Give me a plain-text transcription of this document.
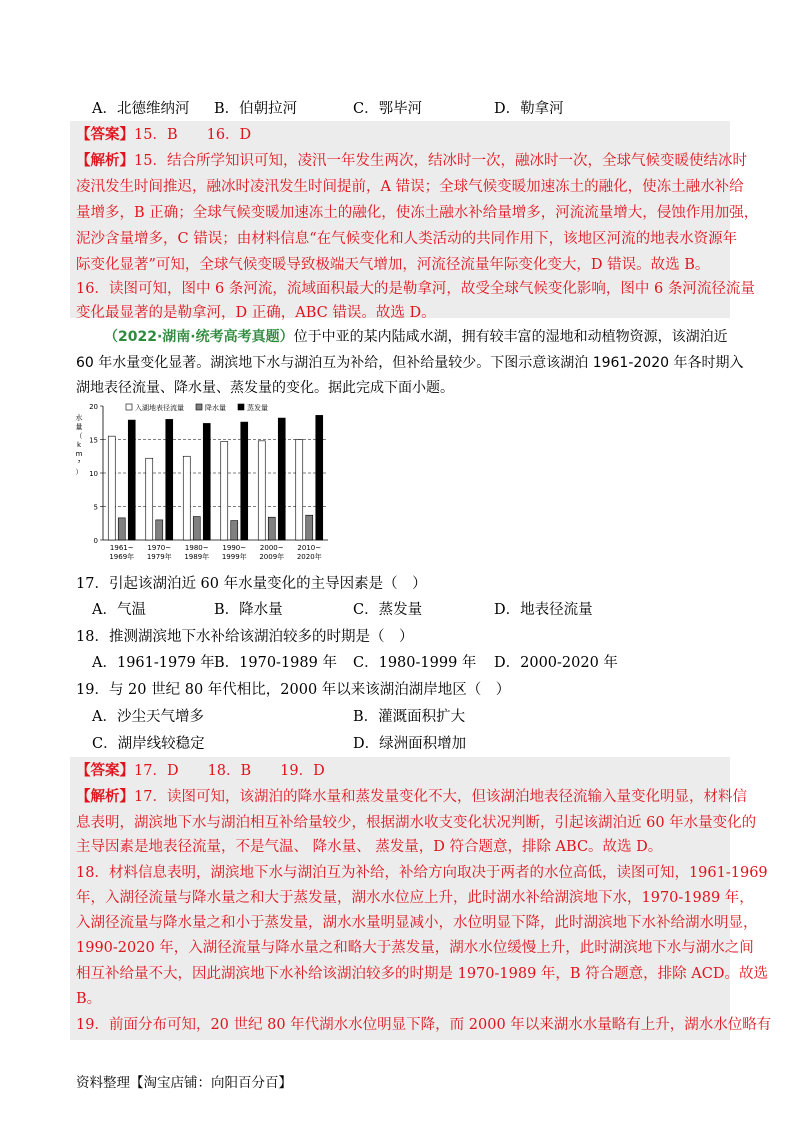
A．北德维纳河 B．伯朝拉河	C．鄂毕河	D．勒拿河
【答案】15．B　　16．D
【解析】15．结合所学知识可知，凌汛一年发生两次，结冰时一次，融冰时一次，全球气候变暖使结冰时
凌汛发生时间推迟，融冰时凌汛发生时间提前，A 错误；全球气候变暖加速冻土的融化，使冻土融水补给
量增多，B 正确；全球气候变暖加速冻土的融化，使冻土融水补给量增多，河流流量增大，侵蚀作用加强，
泥沙含量增多，C 错误；由材料信息“在气候变化和人类活动的共同作用下，该地区河流的地表水资源年
际变化显著”可知，全球气候变暖导致极端天气增加，河流径流量年际变化变大，D 错误。故选 B。
16．读图可知，图中 6 条河流，流域面积最大的是勒拿河，故受全球气候变化影响，图中 6 条河流径流量
变化最显著的是勒拿河，D 正确，ABC 错误。故选 D。
（2022·湖南·统考高考真题）位于中亚的某内陆咸水湖，拥有较丰富的湿地和动植物资源，该湖泊近
60 年水量变化显著。湖滨地下水与湖泊互为补给，但补给量较少。下图示意该湖泊 1961-2020 年各时期入
湖地表径流量、降水量、蒸发量的变化。据此完成下面小题。
0
5
10
15
20
水
量
（
k
m
³
）
入湖地表径流量	降水量	蒸发量
1961~
1969年
1970~
1979年
1980~
1989年
1990~
1999年
2000~
2009年
2010~
2020年
17．引起该湖泊近 60 年水量变化的主导因素是（　）
A．气温	B．降水量	C．蒸发量	D．地表径流量
18．推测湖滨地下水补给该湖泊较多的时期是（　）
A．1961-1979 年 B．1970-1989 年 C．1980-1999 年 D．2000-2020 年
19．与 20 世纪 80 年代相比，2000 年以来该湖泊湖岸地区（　）
A．沙尘天气增多	B．灌溉面积扩大
C．湖岸线较稳定	D．绿洲面积增加
【答案】17．D　　18．B　　19．D
【解析】17．读图可知，该湖泊的降水量和蒸发量变化不大，但该湖泊地表径流输入量变化明显，材料信
息表明，湖滨地下水与湖泊相互补给量较少，根据湖水收支变化状况判断，引起该湖泊近 60 年水量变化的
主导因素是地表径流量，不是气温、 降水量、 蒸发量，D 符合题意，排除 ABC。故选 D。
18．材料信息表明，湖滨地下水与湖泊互为补给，补给方向取决于两者的水位高低，读图可知，1961-1969
年，入湖径流量与降水量之和大于蒸发量，湖水水位应上升，此时湖水补给湖滨地下水，1970-1989 年，
入湖径流量与降水量之和小于蒸发量，湖水水量明显减小，水位明显下降，此时湖滨地下水补给湖水明显，
1990-2020 年，入湖径流量与降水量之和略大于蒸发量，湖水水位缓慢上升，此时湖滨地下水与湖水之间
相互补给量不大，因此湖滨地下水补给该湖泊较多的时期是 1970-1989 年，B 符合题意，排除 ACD。故选
B。
19．前面分布可知，20 世纪 80 年代湖水水位明显下降，而 2000 年以来湖水水量略有上升，湖水水位略有
资料整理【淘宝店铺：向阳百分百】
